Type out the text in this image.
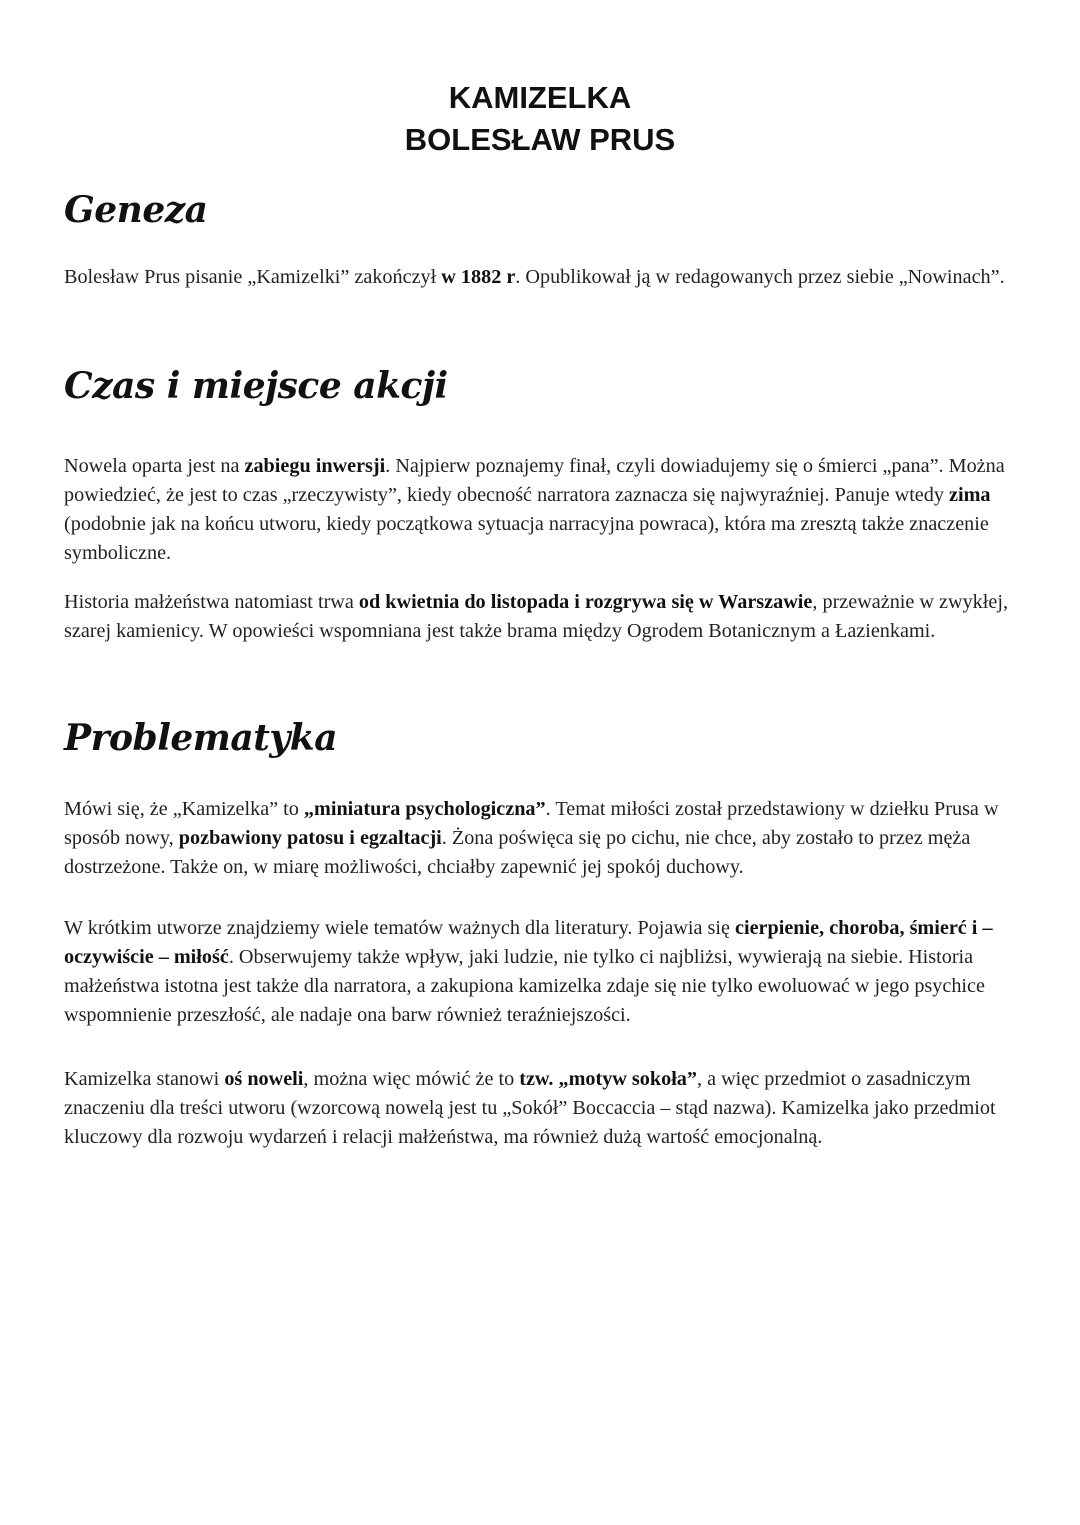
KAMIZELKA
BOLESŁAW PRUS
Geneza

Bolesław Prus pisanie „Kamizelki” zakończył w 1882 r. Opublikował ją w redagowanych przez siebie „Nowinach”.

Czas i miejsce akcji

Nowela oparta jest na zabiegu inwersji. Najpierw poznajemy finał, czyli dowiadujemy się o śmierci „pana”. Można powiedzieć, że jest to czas „rzeczywisty”, kiedy obecność narratora zaznacza się najwyraźniej. Panuje wtedy zima (podobnie jak na końcu utworu, kiedy początkowa sytuacja narracyjna powraca), która ma zresztą także znaczenie symboliczne.

Historia małżeństwa natomiast trwa od kwietnia do listopada i rozgrywa się w Warszawie, przeważnie w zwykłej, szarej kamienicy. W opowieści wspomniana jest także brama między Ogrodem Botanicznym a Łazienkami.

Problematyka

Mówi się, że „Kamizelka” to „miniatura psychologiczna”. Temat miłości został przedstawiony w dziełku Prusa w sposób nowy, pozbawiony patosu i egzaltacji. Żona poświęca się po cichu, nie chce, aby zostało to przez męża dostrzeżone. Także on, w miarę możliwości, chciałby zapewnić jej spokój duchowy.

W krótkim utworze znajdziemy wiele tematów ważnych dla literatury. Pojawia się cierpienie, choroba, śmierć i – oczywiście – miłość. Obserwujemy także wpływ, jaki ludzie, nie tylko ci najbliżsi, wywierają na siebie. Historia małżeństwa istotna jest także dla narratora, a zakupiona kamizelka zdaje się nie tylko ewoluować w jego psychice wspomnienie przeszłość, ale nadaje ona barw również teraźniejszości.

Kamizelka stanowi oś noweli, można więc mówić że to tzw. „motyw sokoła”, a więc przedmiot o zasadniczym znaczeniu dla treści utworu (wzorcową nowelą jest tu „Sokół” Boccaccia – stąd nazwa). Kamizelka jako przedmiot kluczowy dla rozwoju wydarzeń i relacji małżeństwa, ma również dużą wartość emocjonalną.
